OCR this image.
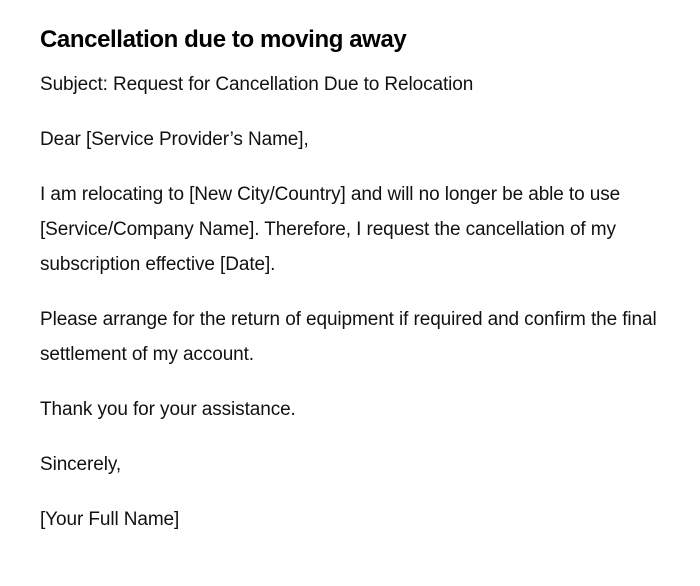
Cancellation due to moving away

Subject: Request for Cancellation Due to Relocation

Dear [Service Provider’s Name],

I am relocating to [New City/Country] and will no longer be able to use [Service/Company Name]. Therefore, I request the cancellation of my subscription effective [Date].

Please arrange for the return of equipment if required and confirm the final settlement of my account.

Thank you for your assistance.

Sincerely,

[Your Full Name]
